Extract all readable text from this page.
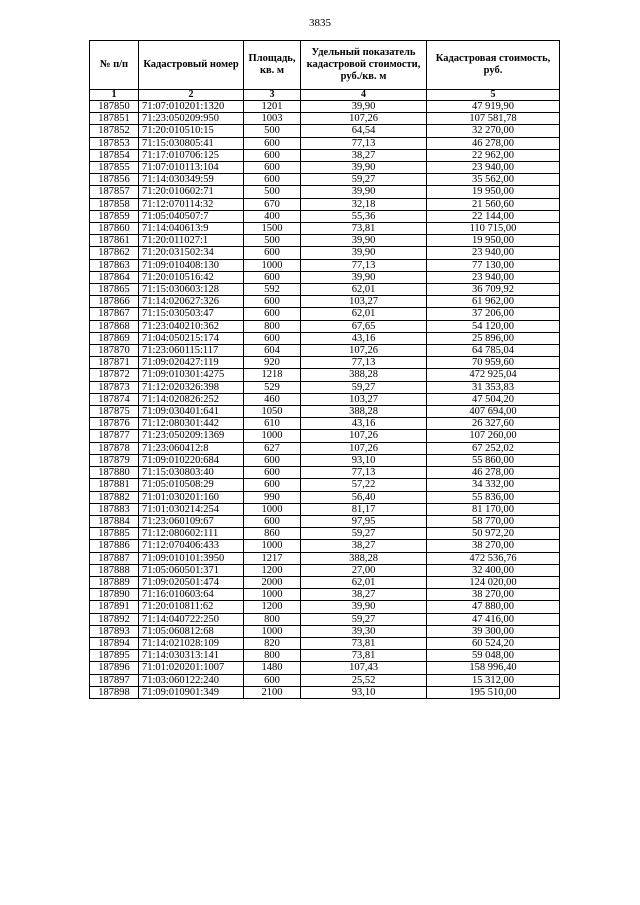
3835
№ п/п	Кадастровый номер	Площадь, кв. м	Удельный показатель кадастровой стоимости, руб./кв. м	Кадастровая стоимость, руб.
1	2	3	4	5
187850	71:07:010201:1320	1201	39,90	47 919,90
187851	71:23:050209:950	1003	107,26	107 581,78
187852	71:20:010510:15	500	64,54	32 270,00
187853	71:15:030805:41	600	77,13	46 278,00
187854	71:17:010706:125	600	38,27	22 962,00
187855	71:07:010113:104	600	39,90	23 940,00
187856	71:14:030349:59	600	59,27	35 562,00
187857	71:20:010602:71	500	39,90	19 950,00
187858	71:12:070114:32	670	32,18	21 560,60
187859	71:05:040507:7	400	55,36	22 144,00
187860	71:14:040613:9	1500	73,81	110 715,00
187861	71:20:011027:1	500	39,90	19 950,00
187862	71:20:031502:34	600	39,90	23 940,00
187863	71:09:010408:130	1000	77,13	77 130,00
187864	71:20:010516:42	600	39,90	23 940,00
187865	71:15:030603:128	592	62,01	36 709,92
187866	71:14:020627:326	600	103,27	61 962,00
187867	71:15:030503:47	600	62,01	37 206,00
187868	71:23:040210:362	800	67,65	54 120,00
187869	71:04:050215:174	600	43,16	25 896,00
187870	71:23:060115:117	604	107,26	64 785,04
187871	71:09:020427:119	920	77,13	70 959,60
187872	71:09:010301:4275	1218	388,28	472 925,04
187873	71:12:020326:398	529	59,27	31 353,83
187874	71:14:020826:252	460	103,27	47 504,20
187875	71:09:030401:641	1050	388,28	407 694,00
187876	71:12:080301:442	610	43,16	26 327,60
187877	71:23:050209:1369	1000	107,26	107 260,00
187878	71:23:060412:8	627	107,26	67 252,02
187879	71:09:010220:684	600	93,10	55 860,00
187880	71:15:030803:40	600	77,13	46 278,00
187881	71:05:010508:29	600	57,22	34 332,00
187882	71:01:030201:160	990	56,40	55 836,00
187883	71:01:030214:254	1000	81,17	81 170,00
187884	71:23:060109:67	600	97,95	58 770,00
187885	71:12:080602:111	860	59,27	50 972,20
187886	71:12:070406:433	1000	38,27	38 270,00
187887	71:09:010101:3950	1217	388,28	472 536,76
187888	71:05:060501:371	1200	27,00	32 400,00
187889	71:09:020501:474	2000	62,01	124 020,00
187890	71:16:010603:64	1000	38,27	38 270,00
187891	71:20:010811:62	1200	39,90	47 880,00
187892	71:14:040722:250	800	59,27	47 416,00
187893	71:05:060812:68	1000	39,30	39 300,00
187894	71:14:021028:109	820	73,81	60 524,20
187895	71:14:030313:141	800	73,81	59 048,00
187896	71:01:020201:1007	1480	107,43	158 996,40
187897	71:03:060122:240	600	25,52	15 312,00
187898	71:09:010901:349	2100	93,10	195 510,00
